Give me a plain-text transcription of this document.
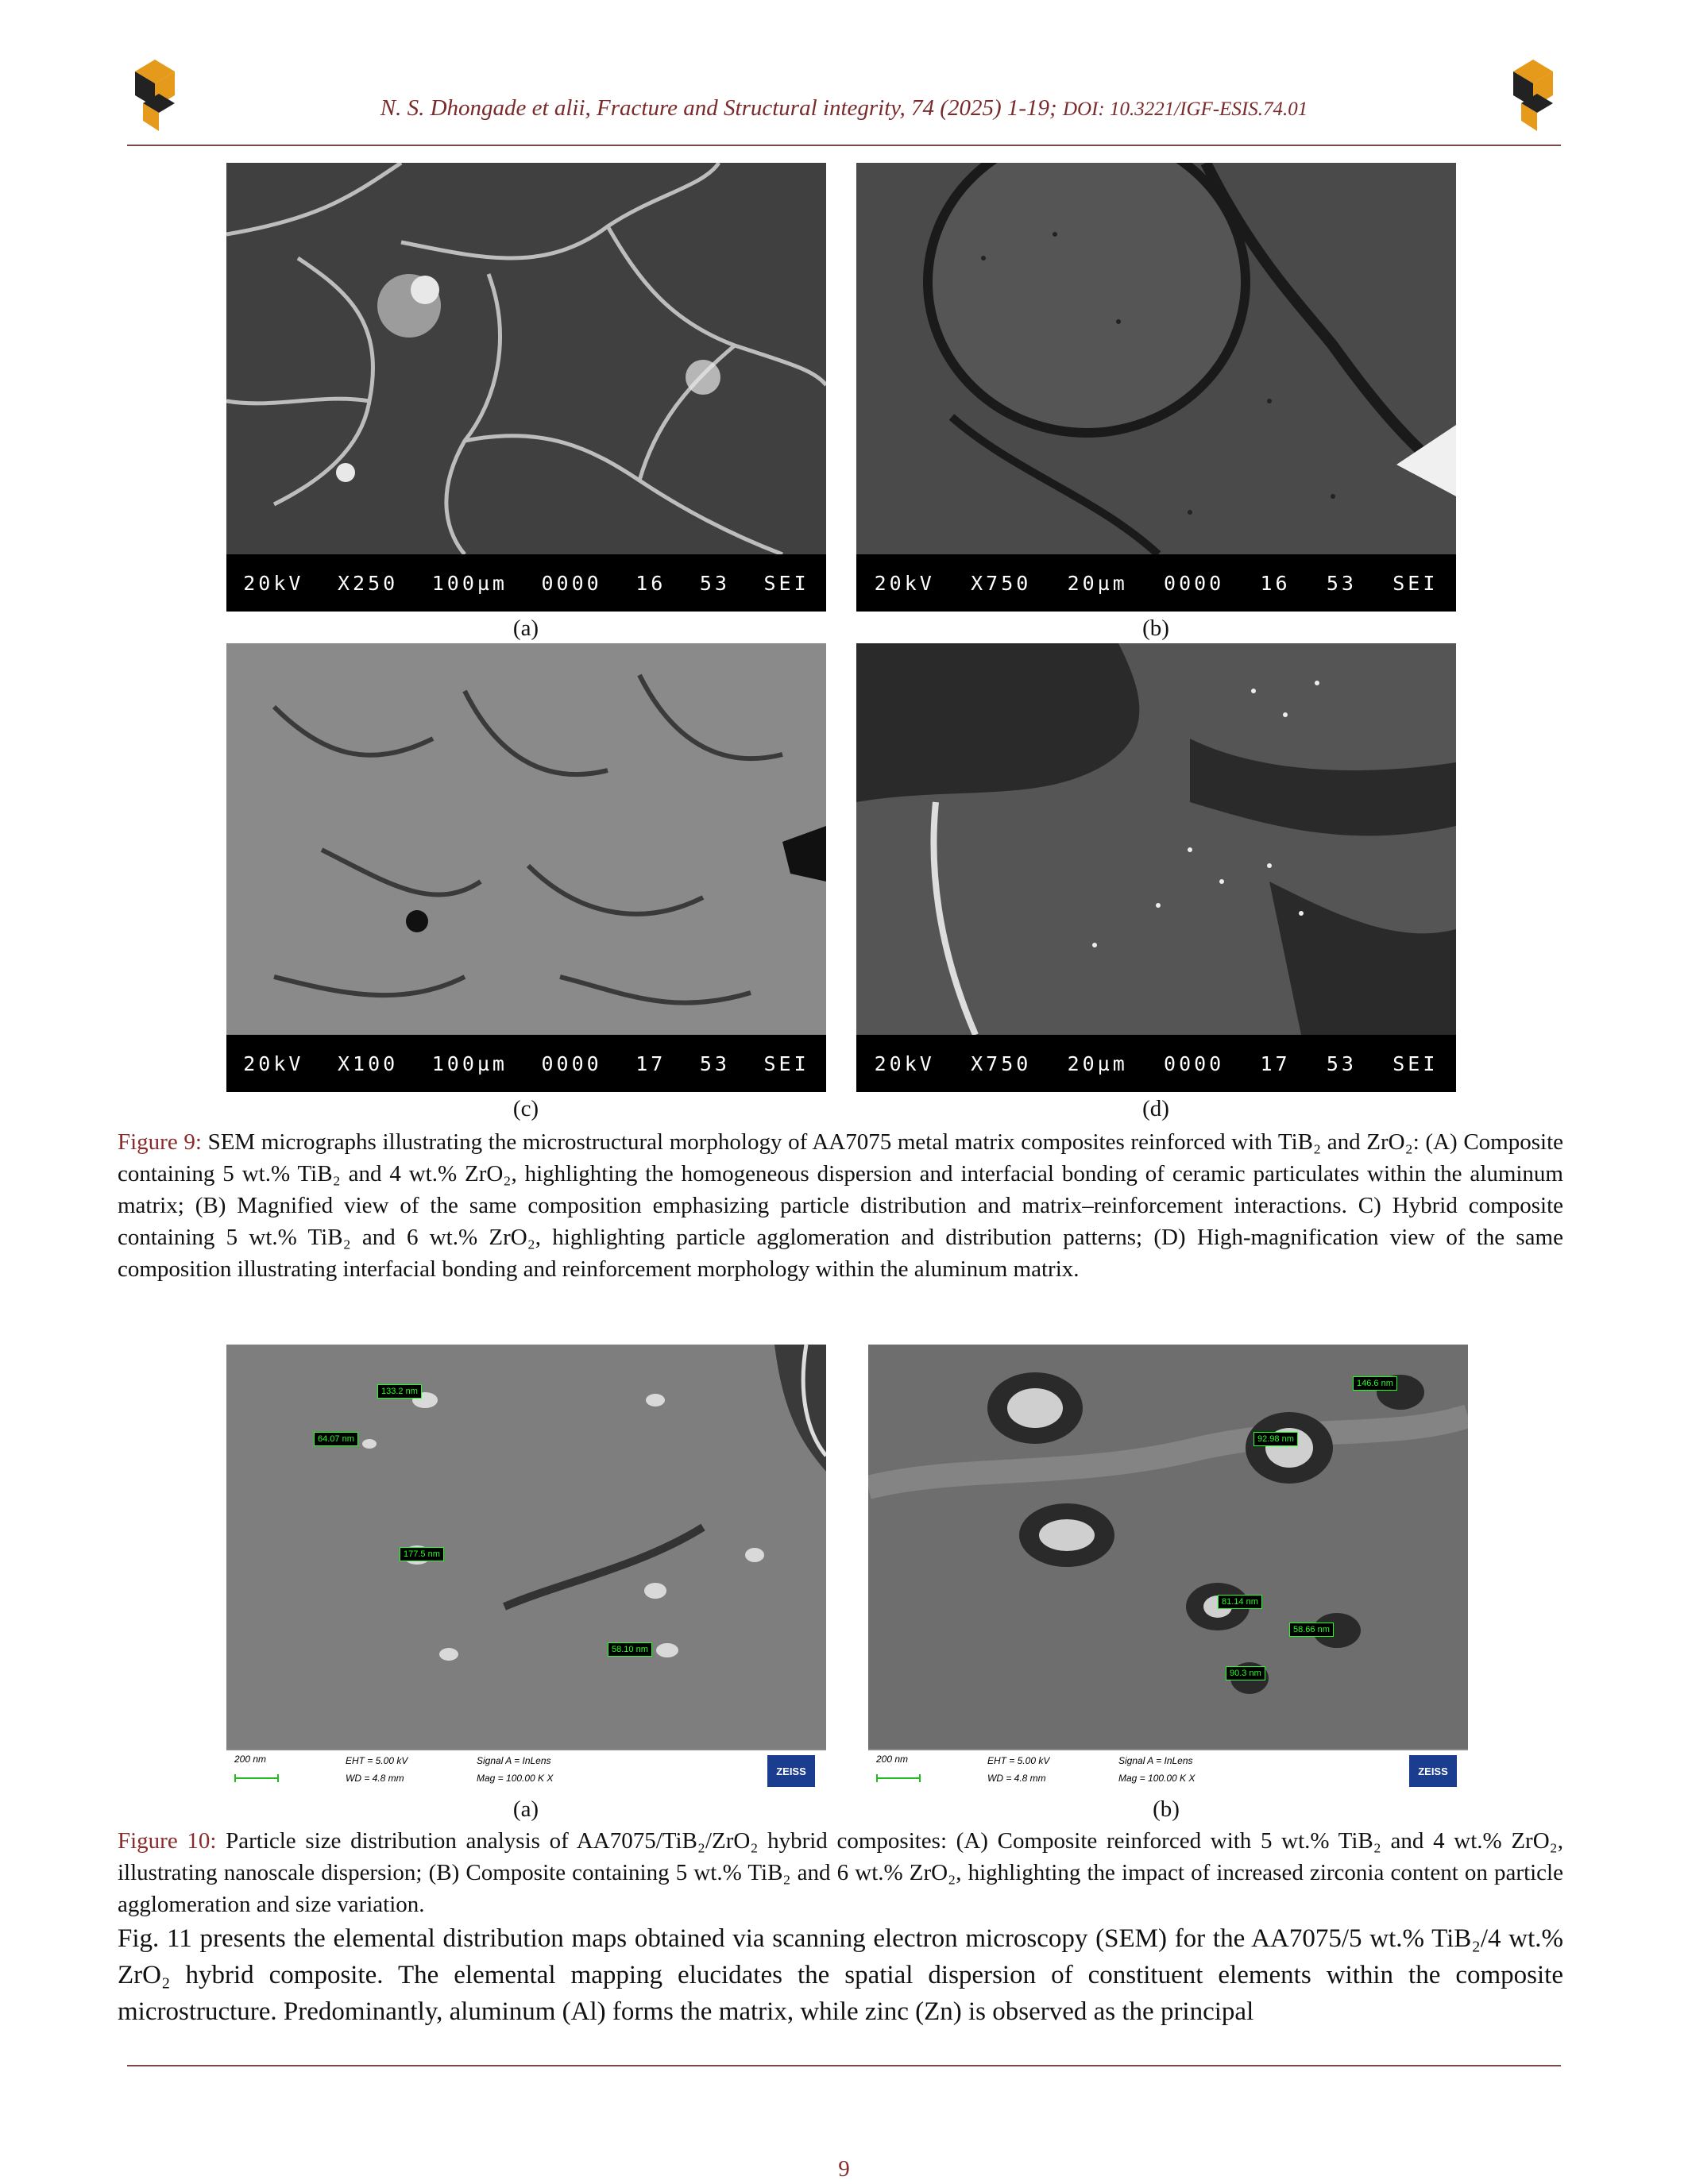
N. S. Dhongade et alii, Fracture and Structural integrity, 74 (2025) 1-19; DOI: 10.3221/IGF-ESIS.74.01
20kV X250 100µm 0000 16 53 SEI	20kV X750 20µm 0000 16 53 SEI
(a)	(b)
20kV X100 100µm 0000 17 53 SEI	20kV X750 20µm 0000 17 53 SEI
(c)	(d)
Figure 9: SEM micrographs illustrating the microstructural morphology of AA7075 metal matrix composites reinforced with TiB₂ and ZrO₂: (A) Composite containing 5 wt.% TiB₂ and 4 wt.% ZrO₂, highlighting the homogeneous dispersion and interfacial bonding of ceramic particulates within the aluminum matrix; (B) Magnified view of the same composition emphasizing particle distribution and matrix–reinforcement interactions. C) Hybrid composite containing 5 wt.% TiB₂ and 6 wt.% ZrO₂, highlighting particle agglomeration and distribution patterns; (D) High-magnification view of the same composition illustrating interfacial bonding and reinforcement morphology within the aluminum matrix.
133.2 nm
64.07 nm
177.5 nm
58.10 nm
200 nm	EHT = 5.00 kV
WD = 4.8 mm
Signal A = InLens
Mag = 100.00 K X
ZEISS
146.6 nm
92.98 nm
81.14 nm
58.66 nm
90.3 nm
200 nm	EHT = 5.00 kV
WD = 4.8 mm
Signal A = InLens
Mag = 100.00 K X
ZEISS
(a)	(b)
Figure 10: Particle size distribution analysis of AA7075/TiB₂/ZrO₂ hybrid composites: (A) Composite reinforced with 5 wt.% TiB₂ and 4 wt.% ZrO₂, illustrating nanoscale dispersion; (B) Composite containing 5 wt.% TiB₂ and 6 wt.% ZrO₂, highlighting the impact of increased zirconia content on particle agglomeration and size variation.
Fig. 11 presents the elemental distribution maps obtained via scanning electron microscopy (SEM) for the AA7075/5 wt.% TiB₂/4 wt.% ZrO₂ hybrid composite. The elemental mapping elucidates the spatial dispersion of constituent elements within the composite microstructure. Predominantly, aluminum (Al) forms the matrix, while zinc (Zn) is observed as the principal
9
